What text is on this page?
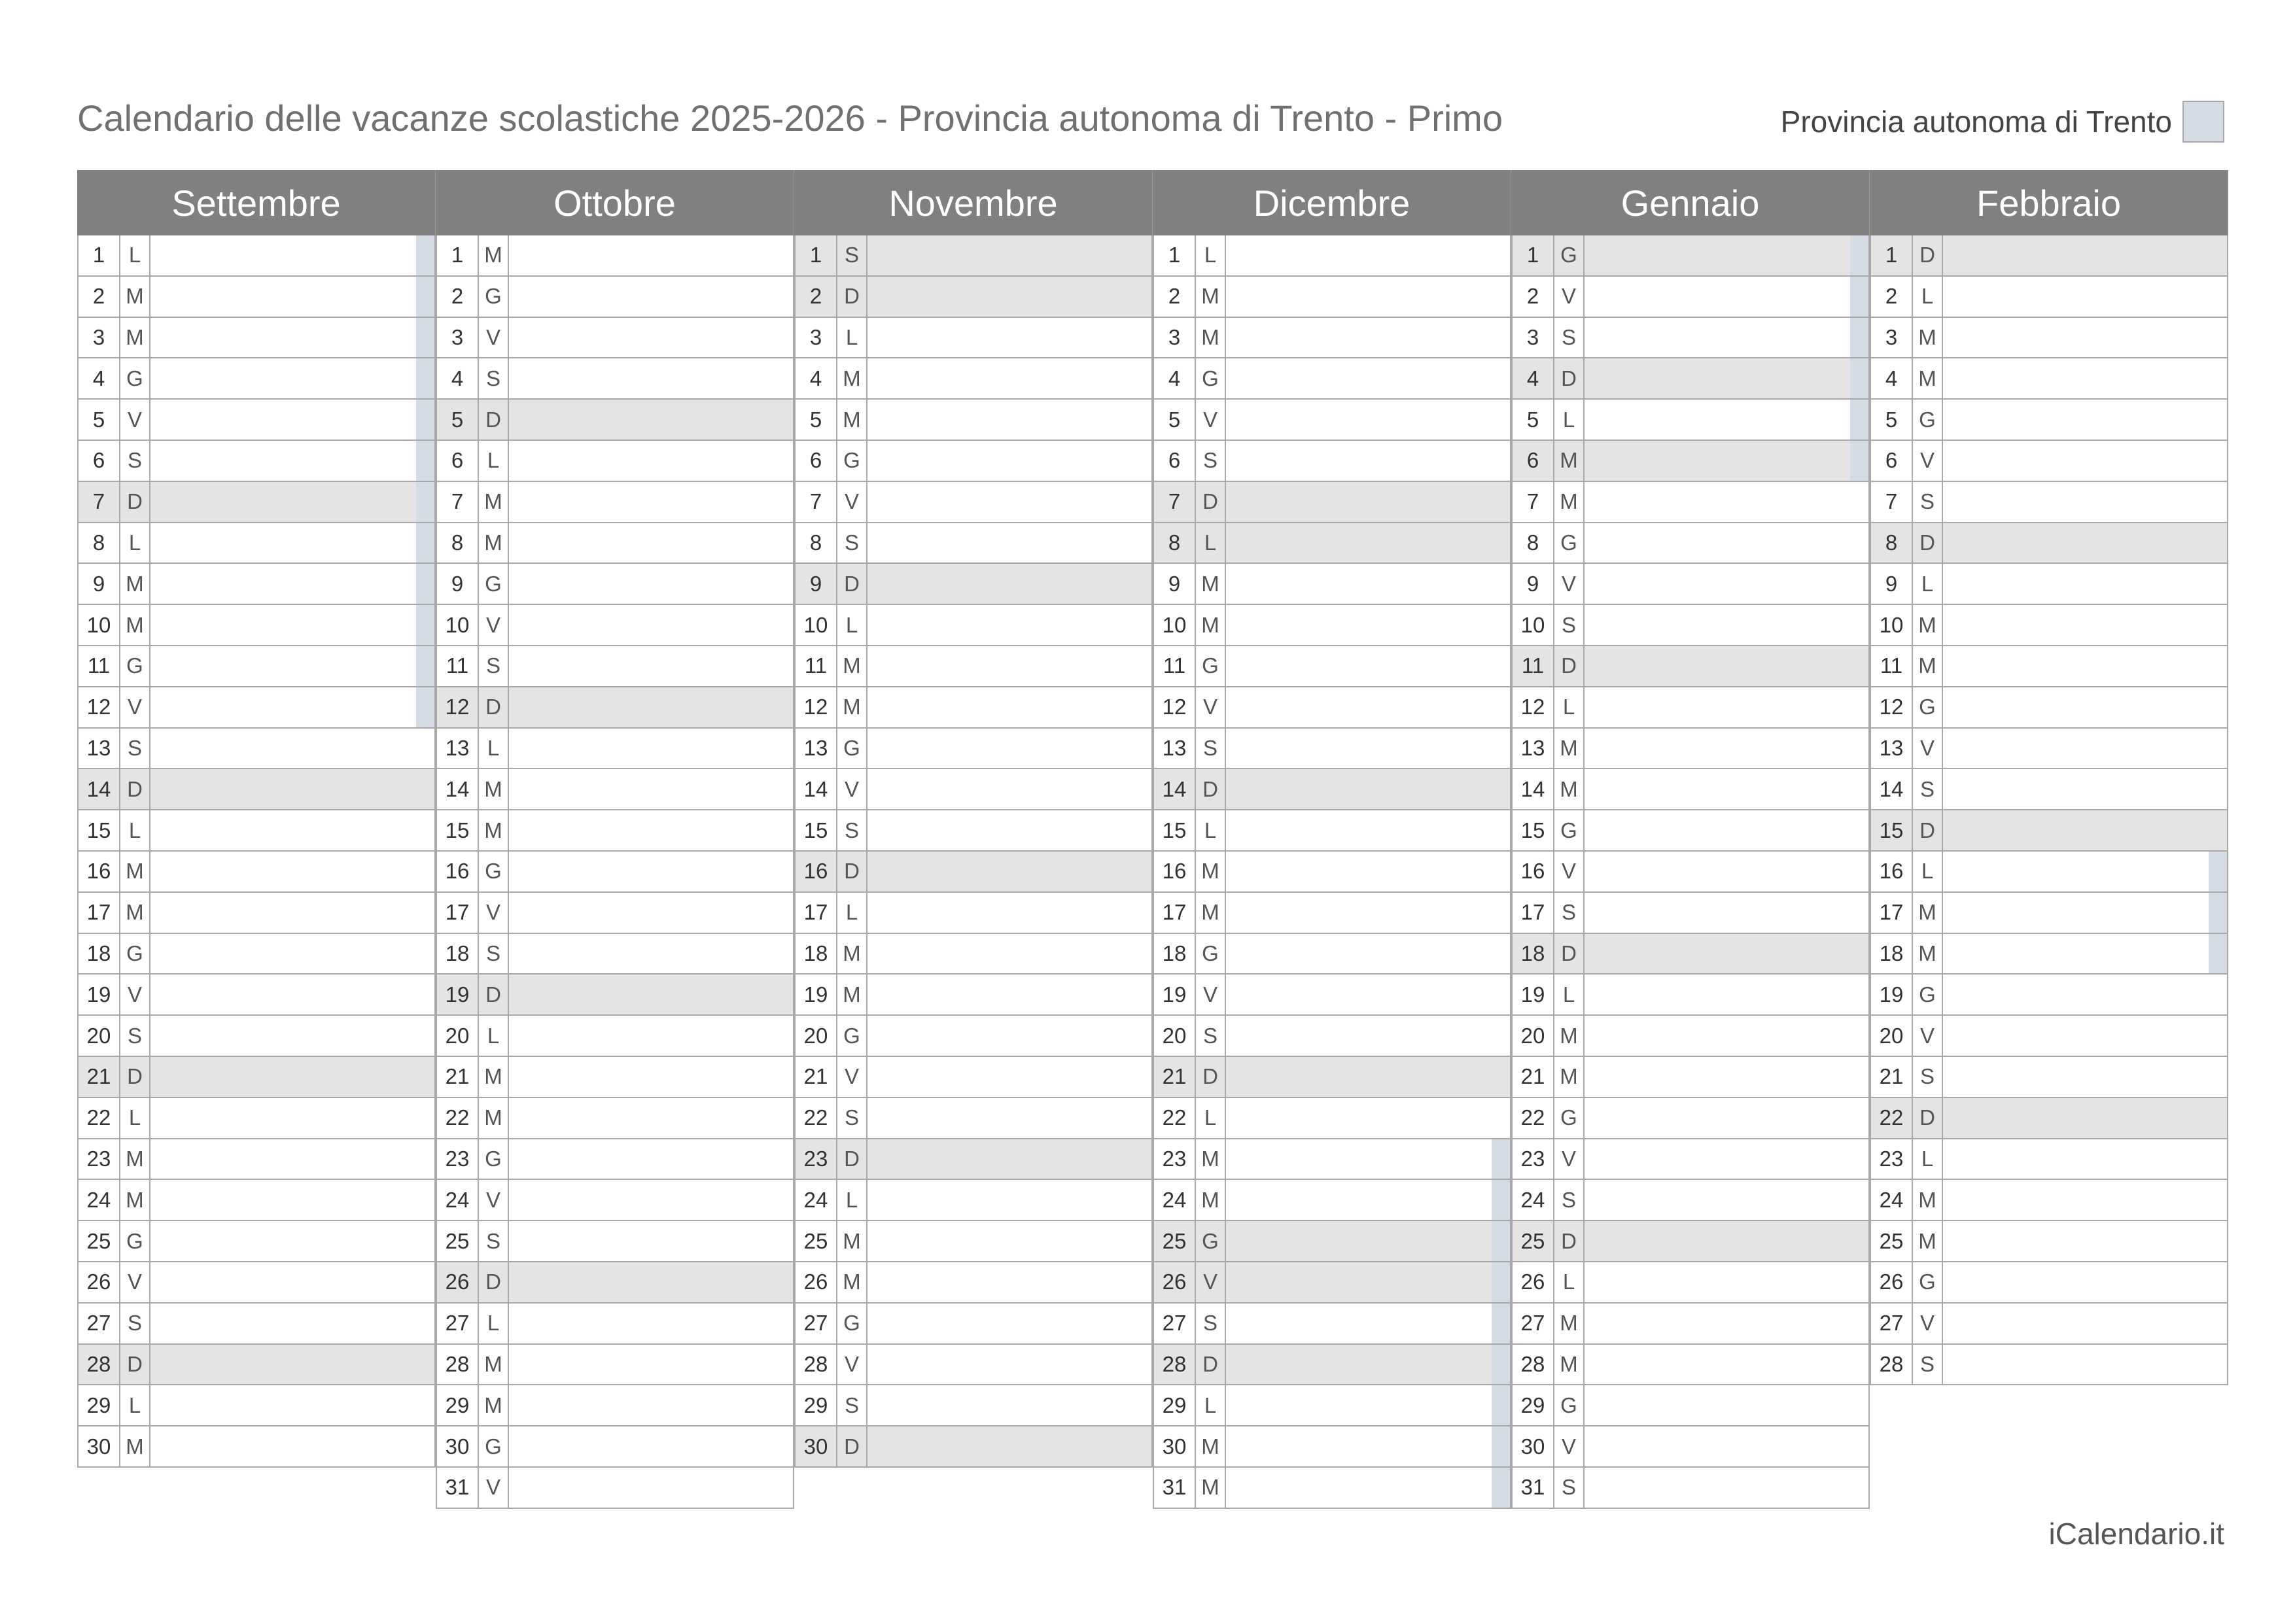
Calendario delle vacanze scolastiche 2025-2026 - Provincia autonoma di Trento - Primo	Provincia autonoma di Trento
Settembre
1	L
2 M
3 M
4 G
5	V
6	S
7	D
8	L
9 M
10 M
11 G
12 V
13 S
14 D
15 L
16 M
17 M
18 G
19 V
20 S
21 D
22 L
23 M
24 M
25 G
26 V
27 S
28 D
29 L
30 M
Ottobre
1 M
2 G
3	V
4	S
5	D
6	L
7 M
8 M
9 G
10 V
11 S
12 D
13 L
14 M
15 M
16 G
17 V
18 S
19 D
20 L
21 M
22 M
23 G
24 V
25 S
26 D
27 L
28 M
29 M
30 G
31 V
Novembre
1	S
2	D
3	L
4 M
5 M
6 G
7	V
8	S
9	D
10 L
11 M
12 M
13 G
14 V
15 S
16 D
17 L
18 M
19 M
20 G
21 V
22 S
23 D
24 L
25 M
26 M
27 G
28 V
29 S
30 D
Dicembre
1	L
2 M
3 M
4 G
5	V
6	S
7	D
8	L
9 M
10 M
11 G
12 V
13 S
14 D
15 L
16 M
17 M
18 G
19 V
20 S
21 D
22 L
23 M
24 M
25 G
26 V
27 S
28 D
29 L
30 M
31 M
Gennaio
1 G
2	V
3	S
4	D
5	L
6 M
7 M
8 G
9	V
10 S
11 D
12 L
13 M
14 M
15 G
16 V
17 S
18 D
19 L
20 M
21 M
22 G
23 V
24 S
25 D
26 L
27 M
28 M
29 G
30 V
31 S
Febbraio
1	D
2	L
3 M
4 M
5 G
6	V
7	S
8	D
9	L
10 M
11 M
12 G
13 V
14 S
15 D
16 L
17 M
18 M
19 G
20 V
21 S
22 D
23 L
24 M
25 M
26 G
27 V
28 S
iCalendario.it
